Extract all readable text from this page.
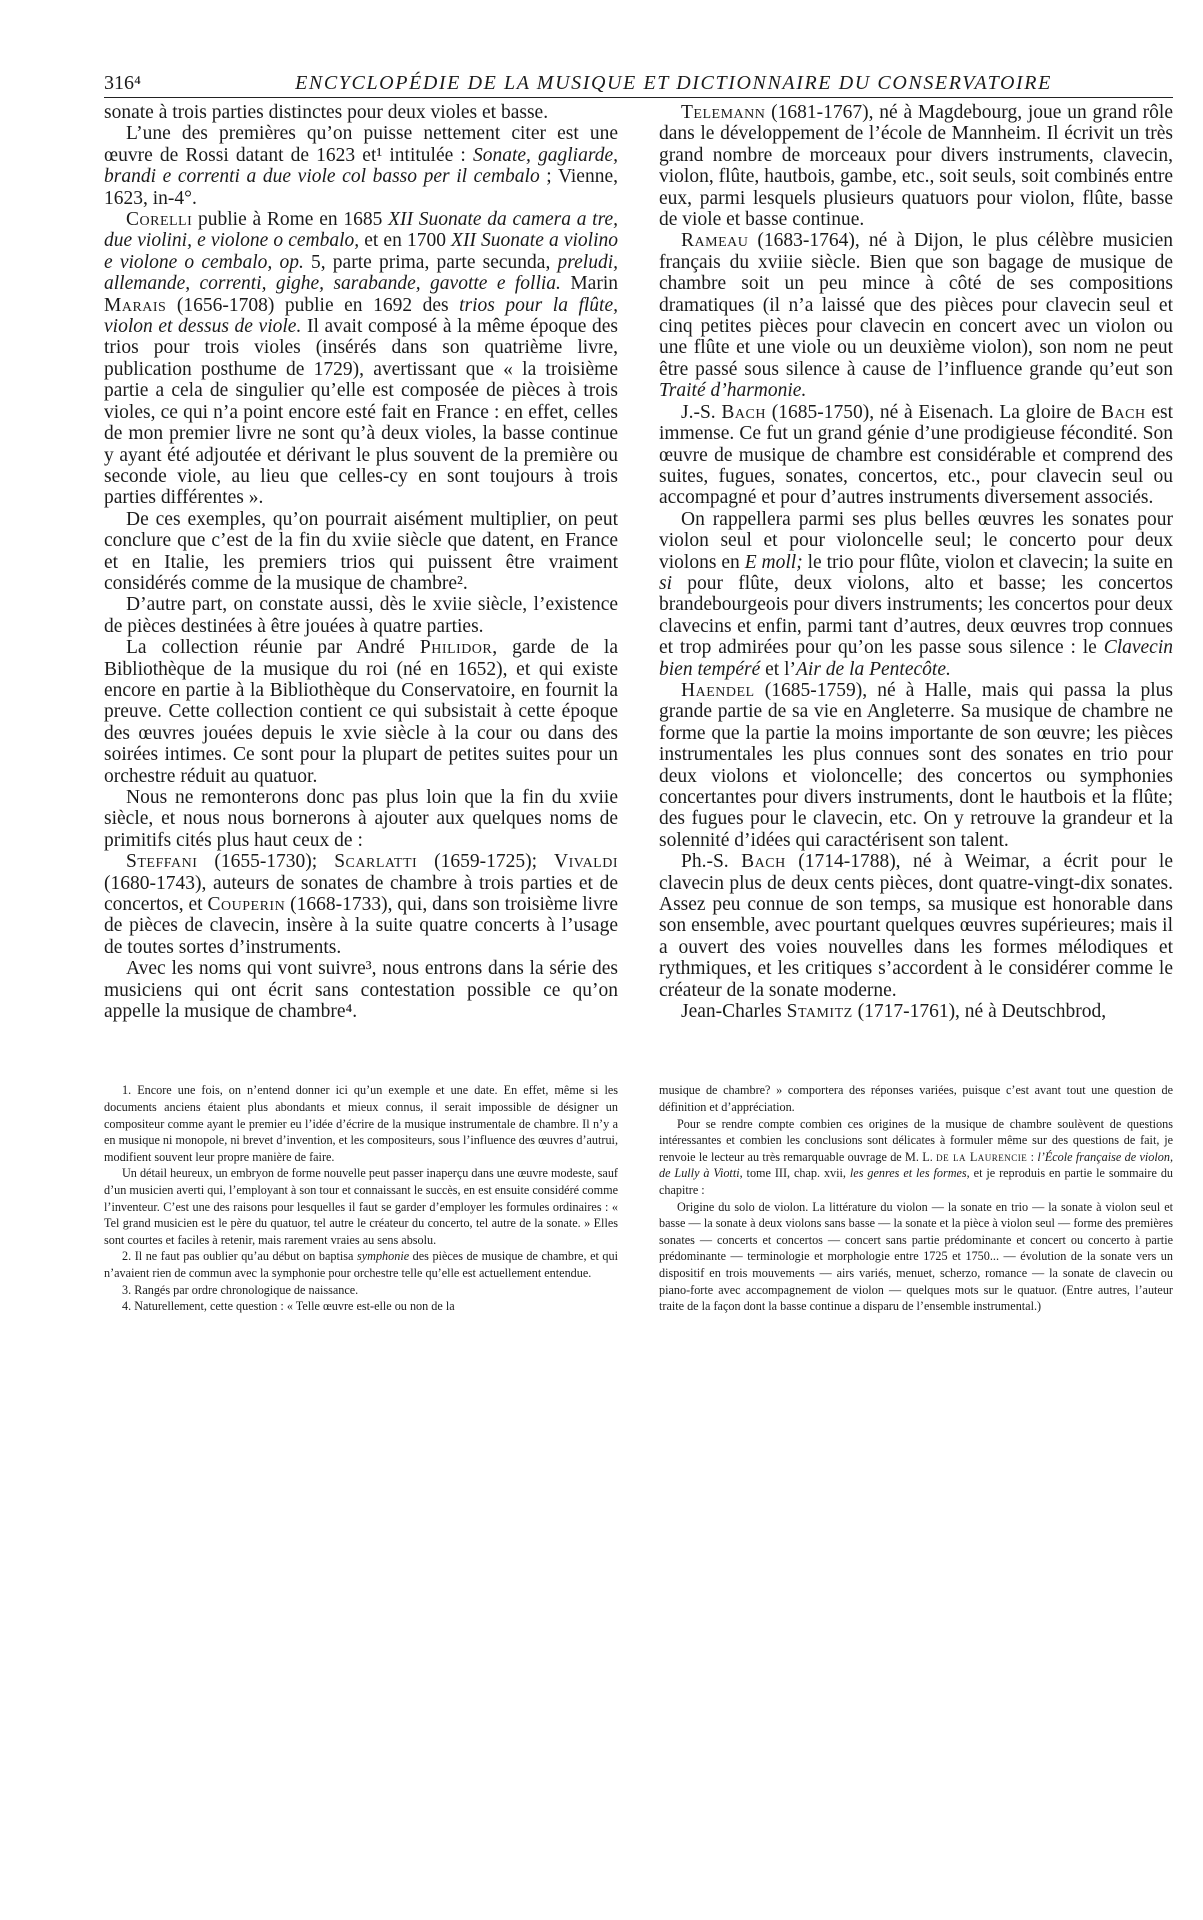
316⁴	ENCYCLOPÉDIE DE LA MUSIQUE ET DICTIONNAIRE DU CONSERVATOIRE

sonate à trois parties distinctes pour deux violes et basse.

L’une des premières qu’on puisse nettement citer est une œuvre de Rossi datant de 1623 et¹ intitulée : Sonate, gagliarde, brandi e correnti a due viole col basso per il cembalo ; Vienne, 1623, in-4°.

Corelli publie à Rome en 1685 XII Suonate da camera a tre, due violini, e violone o cembalo, et en 1700 XII Suonate a violino e violone o cembalo, op. 5, parte prima, parte secunda, preludi, allemande, correnti, gighe, sarabande, gavotte e follia. Marin Marais (1656-1708) publie en 1692 des trios pour la flûte, violon et dessus de viole. Il avait composé à la même époque des trios pour trois violes (insérés dans son quatrième livre, publication posthume de 1729), avertissant que « la troisième partie a cela de singulier qu’elle est composée de pièces à trois violes, ce qui n’a point encore esté fait en France : en effet, celles de mon premier livre ne sont qu’à deux violes, la basse continue y ayant été adjoutée et dérivant le plus souvent de la première ou seconde viole, au lieu que celles-cy en sont toujours à trois parties différentes ».

De ces exemples, qu’on pourrait aisément multiplier, on peut conclure que c’est de la fin du xviie siècle que datent, en France et en Italie, les premiers trios qui puissent être vraiment considérés comme de la musique de chambre².

D’autre part, on constate aussi, dès le xviie siècle, l’existence de pièces destinées à être jouées à quatre parties.

La collection réunie par André Philidor, garde de la Bibliothèque de la musique du roi (né en 1652), et qui existe encore en partie à la Bibliothèque du Conservatoire, en fournit la preuve. Cette collection contient ce qui subsistait à cette époque des œuvres jouées depuis le xvie siècle à la cour ou dans des soirées intimes. Ce sont pour la plupart de petites suites pour un orchestre réduit au quatuor.

Nous ne remonterons donc pas plus loin que la fin du xviie siècle, et nous nous bornerons à ajouter aux quelques noms de primitifs cités plus haut ceux de :

Steffani (1655-1730); Scarlatti (1659-1725); Vivaldi (1680-1743), auteurs de sonates de chambre à trois parties et de concertos, et Couperin (1668-1733), qui, dans son troisième livre de pièces de clavecin, insère à la suite quatre concerts à l’usage de toutes sortes d’instruments.

Avec les noms qui vont suivre³, nous entrons dans la série des musiciens qui ont écrit sans contestation possible ce qu’on appelle la musique de chambre⁴.

Telemann (1681-1767), né à Magdebourg, joue un grand rôle dans le développement de l’école de Mannheim. Il écrivit un très grand nombre de morceaux pour divers instruments, clavecin, violon, flûte, hautbois, gambe, etc., soit seuls, soit combinés entre eux, parmi lesquels plusieurs quatuors pour violon, flûte, basse de viole et basse continue.

Rameau (1683-1764), né à Dijon, le plus célèbre musicien français du xviiie siècle. Bien que son bagage de musique de chambre soit un peu mince à côté de ses compositions dramatiques (il n’a laissé que des pièces pour clavecin seul et cinq petites pièces pour clavecin en concert avec un violon ou une flûte et une viole ou un deuxième violon), son nom ne peut être passé sous silence à cause de l’influence grande qu’eut son Traité d’harmonie.

J.-S. Bach (1685-1750), né à Eisenach. La gloire de Bach est immense. Ce fut un grand génie d’une prodigieuse fécondité. Son œuvre de musique de chambre est considérable et comprend des suites, fugues, sonates, concertos, etc., pour clavecin seul ou accompagné et pour d’autres instruments diversement associés.

On rappellera parmi ses plus belles œuvres les sonates pour violon seul et pour violoncelle seul; le concerto pour deux violons en E moll; le trio pour flûte, violon et clavecin; la suite en si pour flûte, deux violons, alto et basse; les concertos brandebourgeois pour divers instruments; les concertos pour deux clavecins et enfin, parmi tant d’autres, deux œuvres trop connues et trop admirées pour qu’on les passe sous silence : le Clavecin bien tempéré et l’Air de la Pentecôte.

Haendel (1685-1759), né à Halle, mais qui passa la plus grande partie de sa vie en Angleterre. Sa musique de chambre ne forme que la partie la moins importante de son œuvre; les pièces instrumentales les plus connues sont des sonates en trio pour deux violons et violoncelle; des concertos ou symphonies concertantes pour divers instruments, dont le hautbois et la flûte; des fugues pour le clavecin, etc. On y retrouve la grandeur et la solennité d’idées qui caractérisent son talent.

Ph.-S. Bach (1714-1788), né à Weimar, a écrit pour le clavecin plus de deux cents pièces, dont quatre-vingt-dix sonates. Assez peu connue de son temps, sa musique est honorable dans son ensemble, avec pourtant quelques œuvres supérieures; mais il a ouvert des voies nouvelles dans les formes mélodiques et rythmiques, et les critiques s’accordent à le considérer comme le créateur de la sonate moderne.

Jean-Charles Stamitz (1717-1761), né à Deutschbrod,

1. Encore une fois, on n’entend donner ici qu’un exemple et une date. En effet, même si les documents anciens étaient plus abondants et mieux connus, il serait impossible de désigner un compositeur comme ayant le premier eu l’idée d’écrire de la musique instrumentale de chambre. Il n’y a en musique ni monopole, ni brevet d’invention, et les compositeurs, sous l’influence des œuvres d’autrui, modifient souvent leur propre manière de faire.

Un détail heureux, un embryon de forme nouvelle peut passer inaperçu dans une œuvre modeste, sauf d’un musicien averti qui, l’employant à son tour et connaissant le succès, en est ensuite considéré comme l’inventeur. C’est une des raisons pour lesquelles il faut se garder d’employer les formules ordinaires : « Tel grand musicien est le père du quatuor, tel autre le créateur du concerto, tel autre de la sonate. » Elles sont courtes et faciles à retenir, mais rarement vraies au sens absolu.

2. Il ne faut pas oublier qu’au début on baptisa symphonie des pièces de musique de chambre, et qui n’avaient rien de commun avec la symphonie pour orchestre telle qu’elle est actuellement entendue.

3. Rangés par ordre chronologique de naissance.

4. Naturellement, cette question : « Telle œuvre est-elle ou non de la

musique de chambre? » comportera des réponses variées, puisque c’est avant tout une question de définition et d’appréciation.

Pour se rendre compte combien ces origines de la musique de chambre soulèvent de questions intéressantes et combien les conclusions sont délicates à formuler même sur des questions de fait, je renvoie le lecteur au très remarquable ouvrage de M. L. de la Laurencie : l’École française de violon, de Lully à Viotti, tome III, chap. xvii, les genres et les formes, et je reproduis en partie le sommaire du chapitre :

Origine du solo de violon. La littérature du violon — la sonate en trio — la sonate à violon seul et basse — la sonate à deux violons sans basse — la sonate et la pièce à violon seul — forme des premières sonates — concerts et concertos — concert sans partie prédominante et concert ou concerto à partie prédominante — terminologie et morphologie entre 1725 et 1750... — évolution de la sonate vers un dispositif en trois mouvements — airs variés, menuet, scherzo, romance — la sonate de clavecin ou piano-forte avec accompagnement de violon — quelques mots sur le quatuor. (Entre autres, l’auteur traite de la façon dont la basse continue a disparu de l’ensemble instrumental.)
